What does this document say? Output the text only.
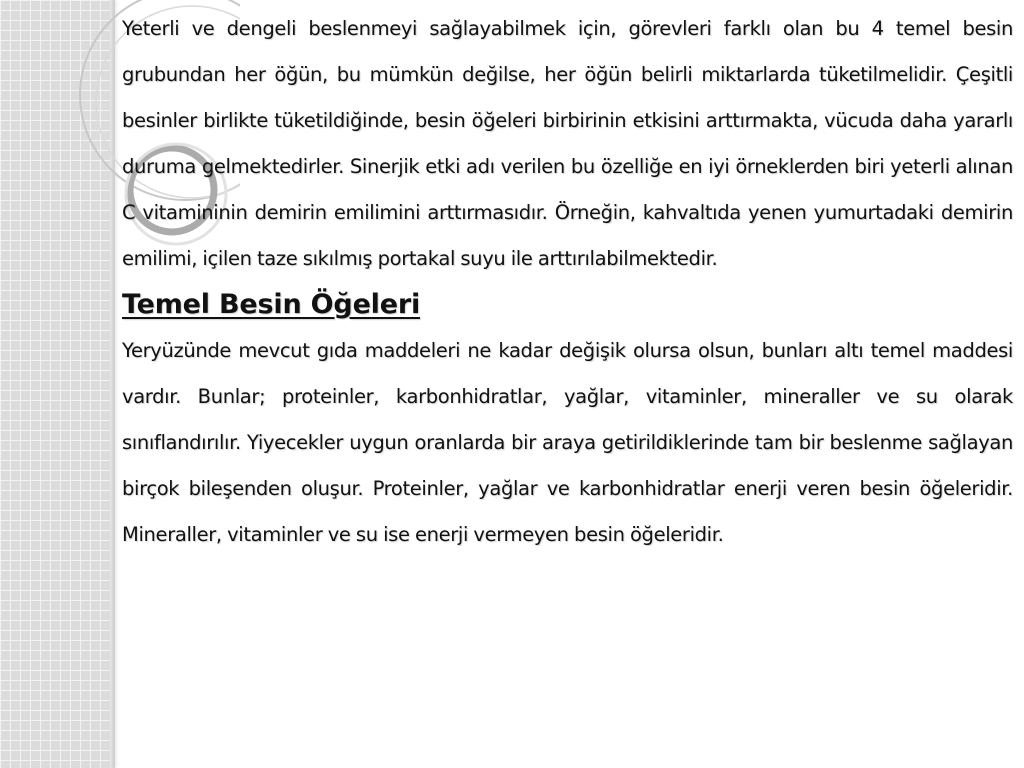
Yeterli ve dengeli beslenmeyi sağlayabilmek için, görevleri farklı olan bu 4 temel besin grubundan her öğün, bu mümkün değilse, her öğün belirli miktarlarda tüketilmelidir. Çeşitli besinler birlikte tüketildiğinde, besin öğeleri birbirinin etkisini arttırmakta, vücuda daha yararlı duruma gelmektedirler. Sinerjik etki adı verilen bu özelliğe en iyi örneklerden biri yeterli alınan C vitamininin demirin emilimini arttırmasıdır. Örneğin, kahvaltıda yenen yumurtadaki demirin emilimi, içilen taze sıkılmış portakal suyu ile arttırılabilmektedir.

Temel Besin Öğeleri

Yeryüzünde mevcut gıda maddeleri ne kadar değişik olursa olsun, bunları altı temel maddesi vardır. Bunlar; proteinler, karbonhidratlar, yağlar, vitaminler, mineraller ve su olarak sınıflandırılır. Yiyecekler uygun oranlarda bir araya getirildiklerinde tam bir beslenme sağlayan birçok bileşenden oluşur. Proteinler, yağlar ve karbonhidratlar enerji veren besin öğeleridir. Mineraller, vitaminler ve su ise enerji vermeyen besin öğeleridir.
